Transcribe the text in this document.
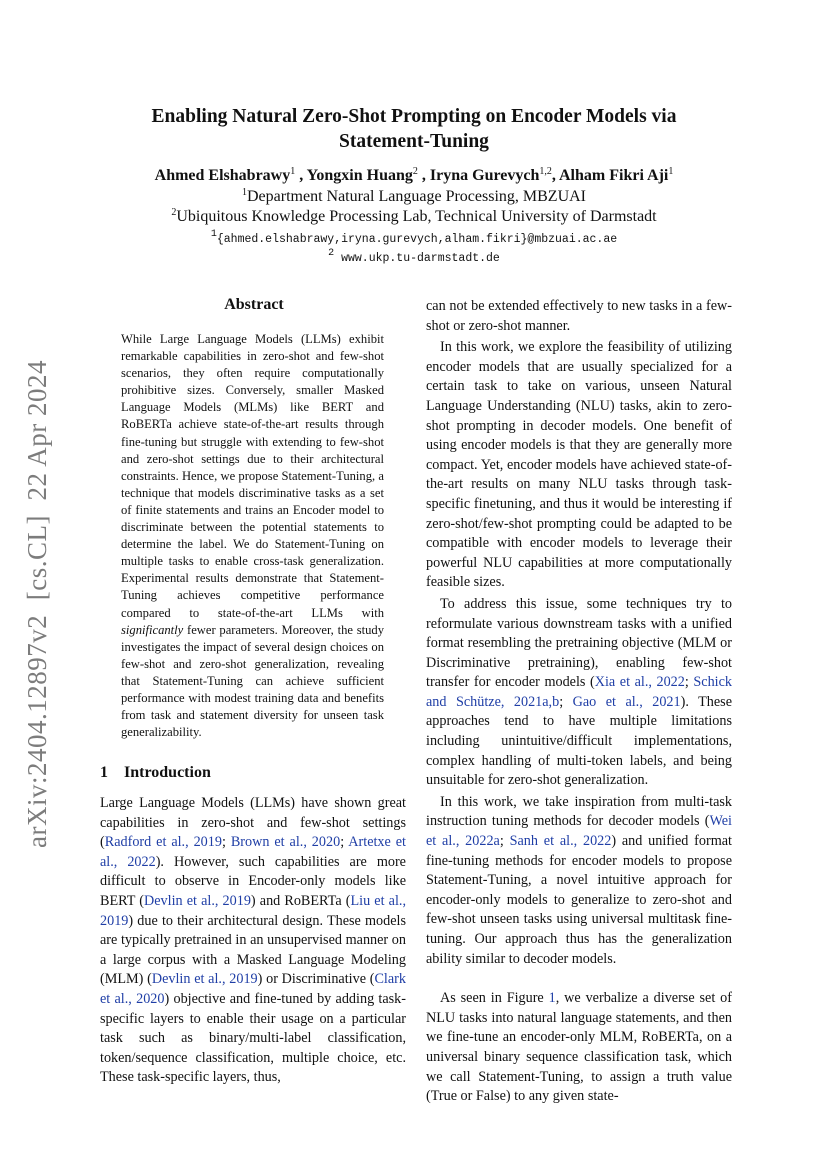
Enabling Natural Zero-Shot Prompting on Encoder Models via
Statement-Tuning
Ahmed Elshabrawy$^1$ , Yongxin Huang$^2$ , Iryna Gurevych$^{1,2}$, Alham Fikri Aji$^1$
$^1$Department Natural Language Processing, MBZUAI
$^2$Ubiquitous Knowledge Processing Lab, Technical University of Darmstadt
$^1${ahmed.elshabrawy,iryna.gurevych,alham.fikri}@mbzuai.ac.ae
$^2$ www.ukp.tu-darmstadt.de
arXiv:2404.12897v2  [cs.CL]  22 Apr 2024
Abstract
While Large Language Models (LLMs) exhibit remarkable capabilities in zero-shot and few-shot scenarios, they often require computationally prohibitive sizes. Conversely, smaller Masked Language Models (MLMs) like BERT and RoBERTa achieve state-of-the-art results through fine-tuning but struggle with extending to few-shot and zero-shot settings due to their architectural constraints. Hence, we propose Statement-Tuning, a technique that models discriminative tasks as a set of finite statements and trains an Encoder model to discriminate between the potential statements to determine the label. We do Statement-Tuning on multiple tasks to enable cross-task generalization. Experimental results demonstrate that Statement-Tuning achieves competitive performance compared to state-of-the-art LLMs with significantly fewer parameters. Moreover, the study investigates the impact of several design choices on few-shot and zero-shot generalization, revealing that Statement-Tuning can achieve sufficient performance with modest training data and benefits from task and statement diversity for unseen task generalizability.
1 Introduction
Large Language Models (LLMs) have shown great capabilities in zero-shot and few-shot settings (Radford et al., 2019; Brown et al., 2020; Artetxe et al., 2022). However, such capabilities are more difficult to observe in Encoder-only models like BERT (Devlin et al., 2019) and RoBERTa (Liu et al., 2019) due to their architectural design. These models are typically pretrained in an unsupervised manner on a large corpus with a Masked Language Modeling (MLM) (Devlin et al., 2019) or Discriminative (Clark et al., 2020) objective and fine-tuned by adding task-specific layers to enable their usage on a particular task such as binary/multi-label classification, token/sequence classification, multiple choice, etc. These task-specific layers, thus,

can not be extended effectively to new tasks in a few-shot or zero-shot manner.

In this work, we explore the feasibility of utilizing encoder models that are usually specialized for a certain task to take on various, unseen Natural Language Understanding (NLU) tasks, akin to zero-shot prompting in decoder models. One benefit of using encoder models is that they are generally more compact. Yet, encoder models have achieved state-of-the-art results on many NLU tasks through task-specific finetuning, and thus it would be interesting if zero-shot/few-shot prompting could be adapted to be compatible with encoder models to leverage their powerful NLU capabilities at more computationally feasible sizes.

To address this issue, some techniques try to reformulate various downstream tasks with a unified format resembling the pretraining objective (MLM or Discriminative pretraining), enabling few-shot transfer for encoder models (Xia et al., 2022; Schick and Schütze, 2021a,b; Gao et al., 2021). These approaches tend to have multiple limitations including unintuitive/difficult implementations, complex handling of multi-token labels, and being unsuitable for zero-shot generalization.

In this work, we take inspiration from multi-task instruction tuning methods for decoder models (Wei et al., 2022a; Sanh et al., 2022) and unified format fine-tuning methods for encoder models to propose Statement-Tuning, a novel intuitive approach for encoder-only models to generalize to zero-shot and few-shot unseen tasks using universal multitask fine-tuning. Our approach thus has the generalization ability similar to decoder models.

As seen in Figure 1, we verbalize a diverse set of NLU tasks into natural language statements, and then we fine-tune an encoder-only MLM, RoBERTa, on a universal binary sequence classification task, which we call Statement-Tuning, to assign a truth value (True or False) to any given state-
